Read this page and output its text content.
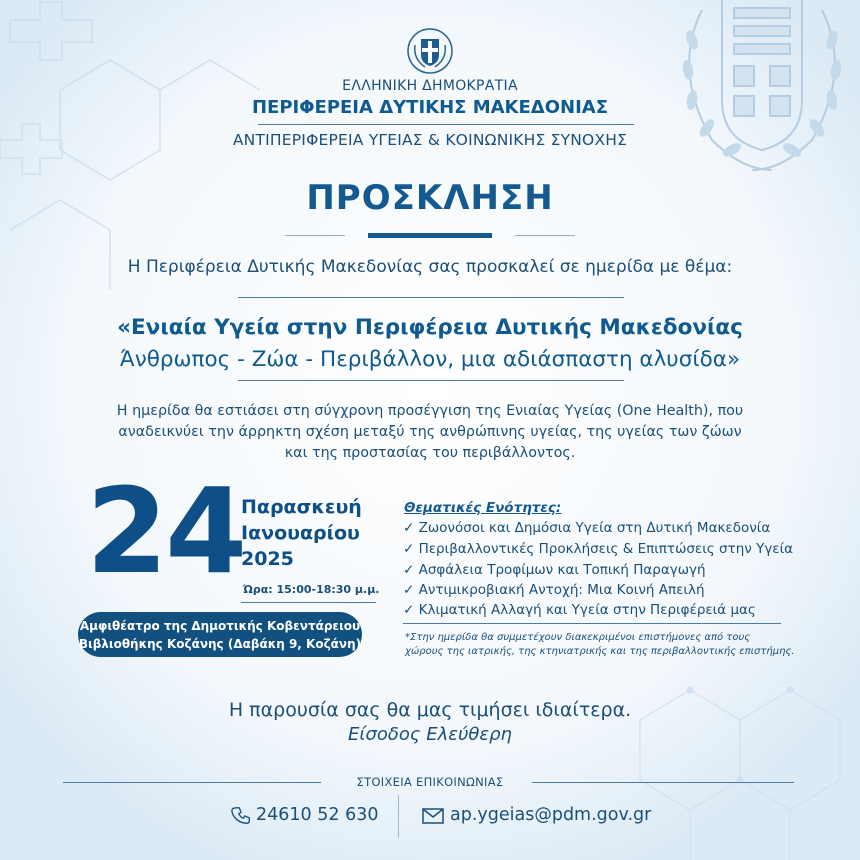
ΕΛΛΗΝΙΚΗ ΔΗΜΟΚΡΑΤΙΑ
ΠΕΡΙΦΕΡΕΙΑ ΔΥΤΙΚΗΣ ΜΑΚΕΔΟΝΙΑΣ
ΑΝΤΙΠΕΡΙΦΕΡΕΙΑ ΥΓΕΙΑΣ & ΚΟΙΝΩΝΙΚΗΣ ΣΥΝΟΧΗΣ
ΠΡΟΣΚΛΗΣΗ
Η Περιφέρεια Δυτικής Μακεδονίας σας προσκαλεί σε ημερίδα με θέμα:
«Ενιαία Υγεία στην Περιφέρεια Δυτικής Μακεδονίας
Άνθρωπος - Ζώα - Περιβάλλον, μια αδιάσπαστη αλυσίδα»
Η ημερίδα θα εστιάσει στη σύγχρονη προσέγγιση της Ενιαίας Υγείας (One Health), που
αναδεικνύει την άρρηκτη σχέση μεταξύ της ανθρώπινης υγείας, της υγείας των ζώων
και της προστασίας του περιβάλλοντος.
24
Παρασκευή
Ιανουαρίου
2025
Ώρα: 15:00-18:30 μ.μ.
Αμφιθέατρο της Δημοτικής Κοβεντάρειου
Βιβλιοθήκης Κοζάνης (Δαβάκη 9, Κοζάνη)
Θεματικές Ενότητες:
✓ Ζωονόσοι και Δημόσια Υγεία στη Δυτική Μακεδονία
✓ Περιβαλλοντικές Προκλήσεις & Επιπτώσεις στην Υγεία
✓ Ασφάλεια Τροφίμων και Τοπική Παραγωγή
✓ Αντιμικροβιακή Αντοχή: Μια Κοινή Απειλή
✓ Κλιματική Αλλαγή και Υγεία στην Περιφέρειά μας
*Στην ημερίδα θα συμμετέχουν διακεκριμένοι επιστήμονες από τους
χώρους της ιατρικής, της κτηνιατρικής και της περιβαλλοντικής επιστήμης.
Η παρουσία σας θα μας τιμήσει ιδιαίτερα.
Είσοδος Ελεύθερη
ΣΤΟΙΧΕΙΑ ΕΠΙΚΟΙΝΩΝΙΑΣ
24610 52 630	ap.ygeias@pdm.gov.gr
